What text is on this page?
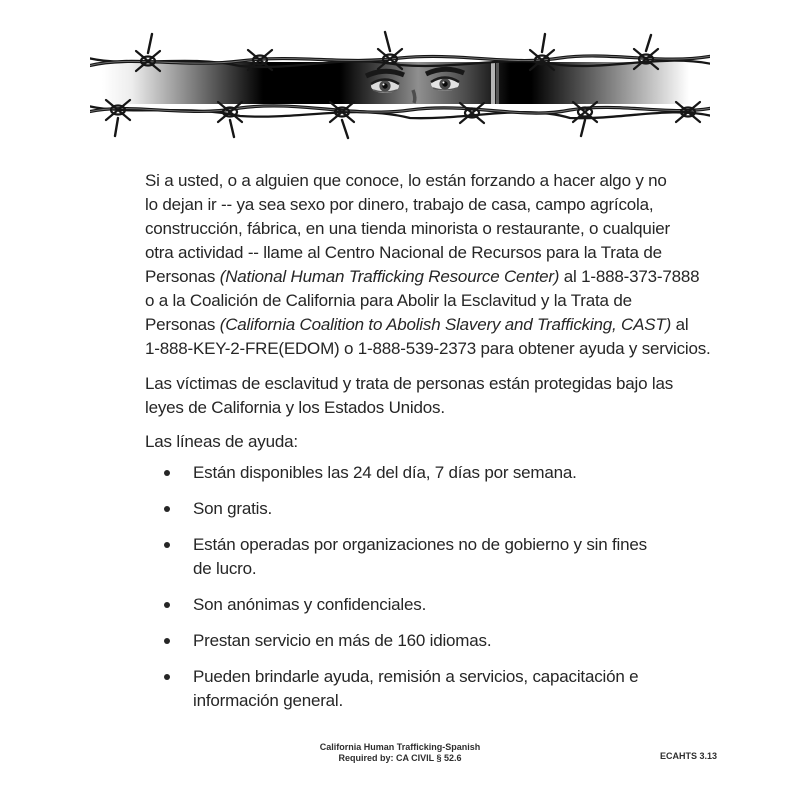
Si a usted, o a alguien que conoce, lo están forzando a hacer algo y no
lo dejan ir -- ya sea sexo por dinero, trabajo de casa, campo agrícola,
construcción, fábrica, en una tienda minorista o restaurante, o cualquier
otra actividad -- llame al Centro Nacional de Recursos para la Trata de
Personas (National Human Trafficking Resource Center) al 1-888-373-7888
o a la Coalición de California para Abolir la Esclavitud y la Trata de
Personas (California Coalition to Abolish Slavery and Trafficking, CAST) al
1-888-KEY-2-FRE(EDOM) o 1-888-539-2373 para obtener ayuda y servicios.
Las víctimas de esclavitud y trata de personas están protegidas bajo las
leyes de California y los Estados Unidos.
Las líneas de ayuda:
Están disponibles las 24 del día, 7 días por semana.
Son gratis.
Están operadas por organizaciones no de gobierno y sin fines de lucro.
Son anónimas y confidenciales.
Prestan servicio en más de 160 idiomas.
Pueden brindarle ayuda, remisión a servicios, capacitación e información general.
California Human Trafficking-Spanish
Required by: CA CIVIL § 52.6	ECAHTS 3.13
